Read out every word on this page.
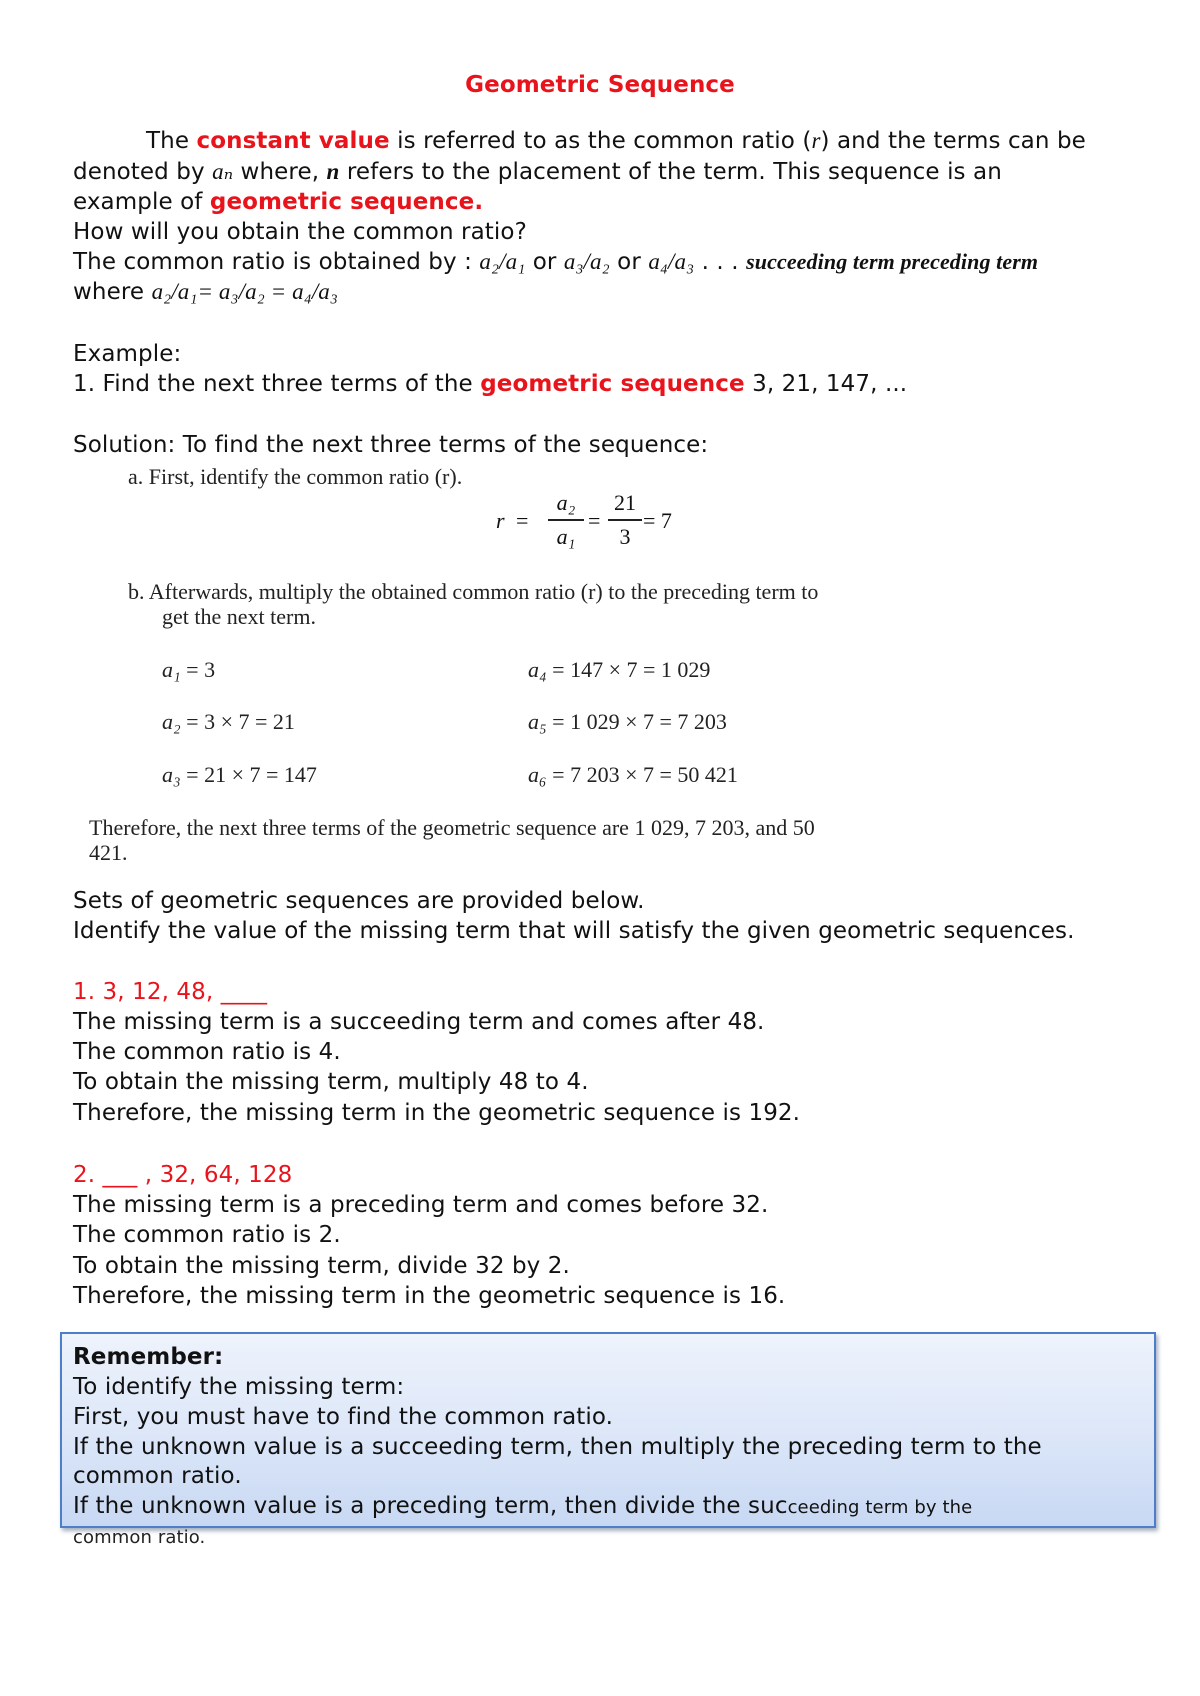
Geometric Sequence
The constant value is referred to as the common ratio (r) and the terms can be
denoted by aₙ where, n refers to the placement of the term. This sequence is an
example of geometric sequence.
How will you obtain the common ratio?
The common ratio is obtained by : a₂/a₁ or a₃/a₂ or a₄/a₃ . . . succeeding term preceding term
where a₂/a₁= a₃/a₂ = a₄/a₃
Example:
1. Find the next three terms of the geometric sequence 3, 21, 147, ...
Solution: To find the next three terms of the sequence:
a. First, identify the common ratio (r).
r =
a₂
a₁
=
21
3
= 7
b. Afterwards, multiply the obtained common ratio (r) to the preceding term to
get the next term.
a₁ = 3
a₂ = 3 × 7 = 21
a₃ = 21 × 7 = 147
a₄ = 147 × 7 = 1 029
a₅ = 1 029 × 7 = 7 203
a₆ = 7 203 × 7 = 50 421
Therefore, the next three terms of the geometric sequence are 1 029, 7 203, and 50
421.
Sets of geometric sequences are provided below.
Identify the value of the missing term that will satisfy the given geometric sequences.
1. 3, 12, 48, ____
The missing term is a succeeding term and comes after 48.
The common ratio is 4.
To obtain the missing term, multiply 48 to 4.
Therefore, the missing term in the geometric sequence is 192.
2. ___ , 32, 64, 128
The missing term is a preceding term and comes before 32.
The common ratio is 2.
To obtain the missing term, divide 32 by 2.
Therefore, the missing term in the geometric sequence is 16.
Remember:
To identify the missing term:
First, you must have to find the common ratio.
If the unknown value is a succeeding term, then multiply the preceding term to the
common ratio.
If the unknown value is a preceding term, then divide the succeeding term by the
common ratio.
